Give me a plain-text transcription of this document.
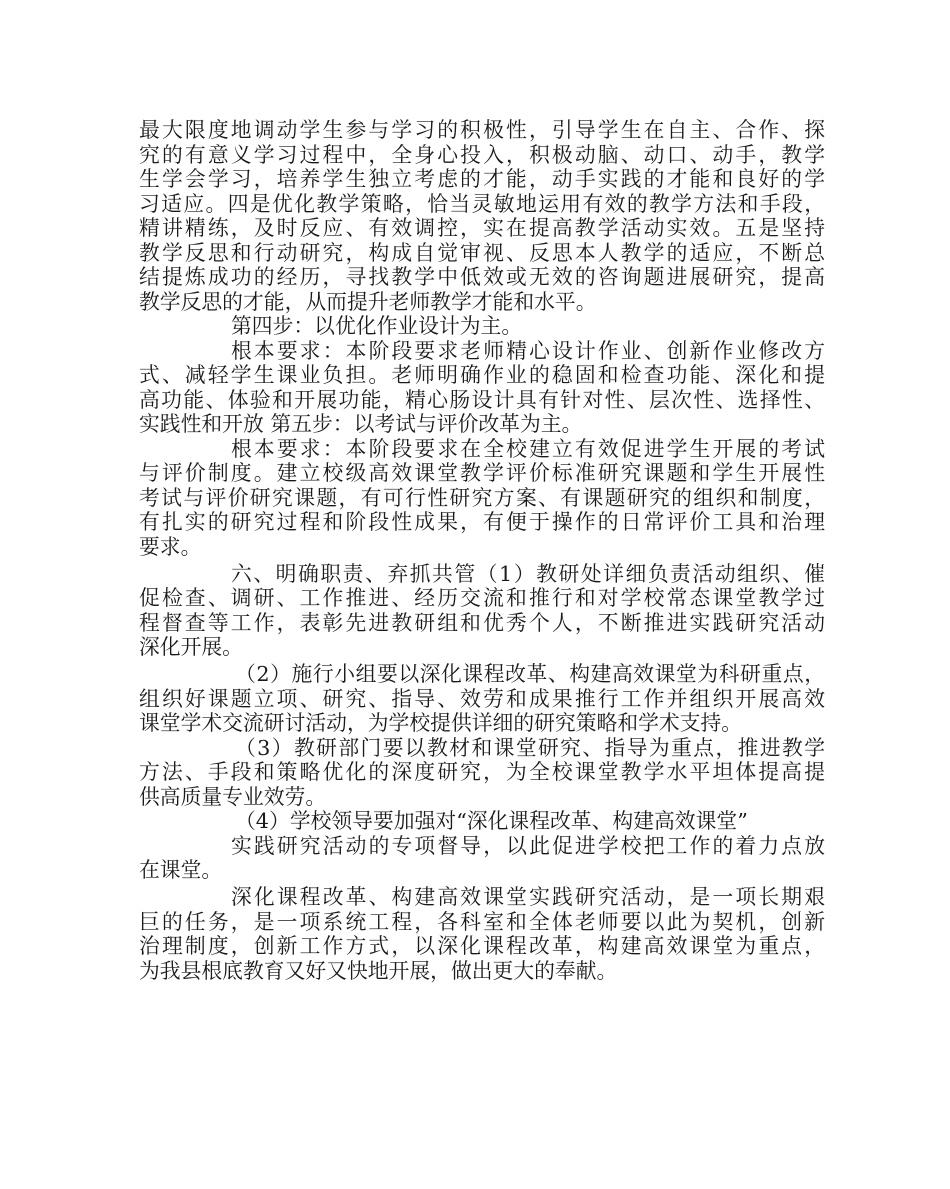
最大限度地调动学生参与学习的积极性，引导学生在自主、合作、探
究的有意义学习过程中，全身心投入，积极动脑、动口、动手，教学
生学会学习，培养学生独立考虑的才能，动手实践的才能和良好的学
习适应。四是优化教学策略，恰当灵敏地运用有效的教学方法和手段，
精讲精练，及时反应、有效调控，实在提高教学活动实效。五是坚持
教学反思和行动研究，构成自觉审视、反思本人教学的适应，不断总
结提炼成功的经历，寻找教学中低效或无效的咨询题进展研究，提高
教学反思的才能，从而提升老师教学才能和水平。
第四步：以优化作业设计为主。
根本要求：本阶段要求老师精心设计作业、创新作业修改方
式、减轻学生课业负担。老师明确作业的稳固和检查功能、深化和提
高功能、体验和开展功能，精心肠设计具有针对性、层次性、选择性、
实践性和开放 第五步：以考试与评价改革为主。
根本要求：本阶段要求在全校建立有效促进学生开展的考试
与评价制度。建立校级高效课堂教学评价标准研究课题和学生开展性
考试与评价研究课题，有可行性研究方案、有课题研究的组织和制度，
有扎实的研究过程和阶段性成果，有便于操作的日常评价工具和治理
要求。
六、明确职责、弃抓共管（1）教研处详细负责活动组织、催
促检查、调研、工作推进、经历交流和推行和对学校常态课堂教学过
程督查等工作，表彰先进教研组和优秀个人，不断推进实践研究活动
深化开展。
（2）施行小组要以深化课程改革、构建高效课堂为科研重点，
组织好课题立项、研究、指导、效劳和成果推行工作并组织开展高效
课堂学术交流研讨活动，为学校提供详细的研究策略和学术支持。
（3）教研部门要以教材和课堂研究、指导为重点，推进教学
方法、手段和策略优化的深度研究，为全校课堂教学水平坦体提高提
供高质量专业效劳。
（4）学校领导要加强对“深化课程改革、构建高效课堂”
实践研究活动的专项督导，以此促进学校把工作的着力点放
在课堂。
深化课程改革、构建高效课堂实践研究活动，是一项长期艰
巨的任务，是一项系统工程，各科室和全体老师要以此为契机，创新
治理制度，创新工作方式，以深化课程改革，构建高效课堂为重点，
为我县根底教育又好又快地开展，做出更大的奉献。
